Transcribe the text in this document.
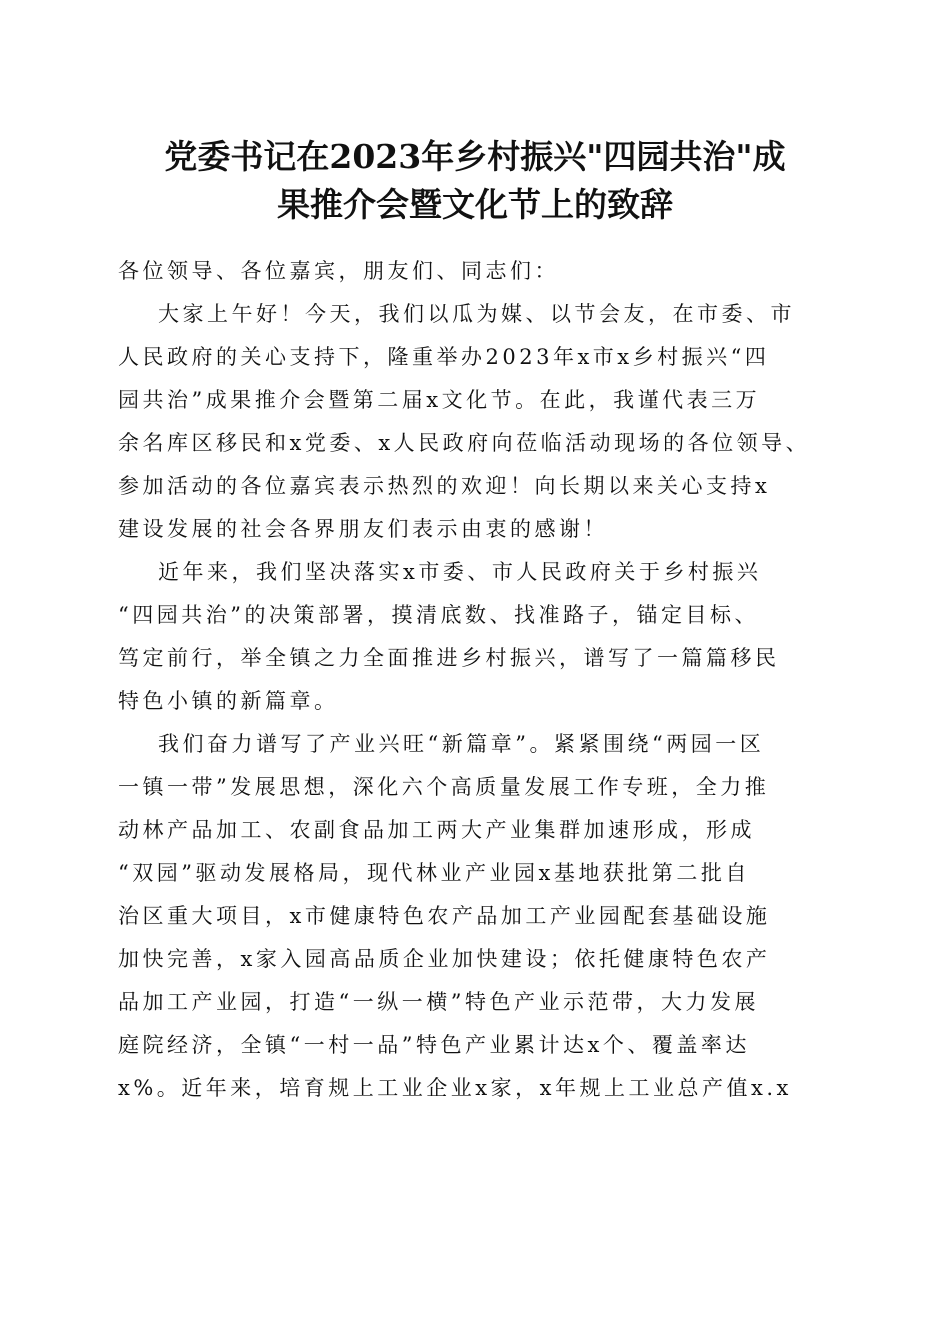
党委书记在2023年乡村振兴"四园共治"成
果推介会暨文化节上的致辞
各位领导、各位嘉宾，朋友们、同志们：
大家上午好！今天，我们以瓜为媒、以节会友，在市委、市
人民政府的关心支持下，隆重举办2023年x市x乡村振兴“四
园共治”成果推介会暨第二届x文化节。在此，我谨代表三万
余名库区移民和x党委、x人民政府向莅临活动现场的各位领导、
参加活动的各位嘉宾表示热烈的欢迎！向长期以来关心支持x
建设发展的社会各界朋友们表示由衷的感谢！
近年来，我们坚决落实x市委、市人民政府关于乡村振兴
“四园共治”的决策部署，摸清底数、找准路子，锚定目标、
笃定前行，举全镇之力全面推进乡村振兴，谱写了一篇篇移民
特色小镇的新篇章。
我们奋力谱写了产业兴旺“新篇章”。紧紧围绕“两园一区
一镇一带”发展思想，深化六个高质量发展工作专班，全力推
动林产品加工、农副食品加工两大产业集群加速形成，形成
“双园”驱动发展格局，现代林业产业园x基地获批第二批自
治区重大项目，x市健康特色农产品加工产业园配套基础设施
加快完善，x家入园高品质企业加快建设；依托健康特色农产
品加工产业园，打造“一纵一横”特色产业示范带，大力发展
庭院经济，全镇“一村一品”特色产业累计达x个、覆盖率达
x%。近年来，培育规上工业企业x家，x年规上工业总产值x.x
